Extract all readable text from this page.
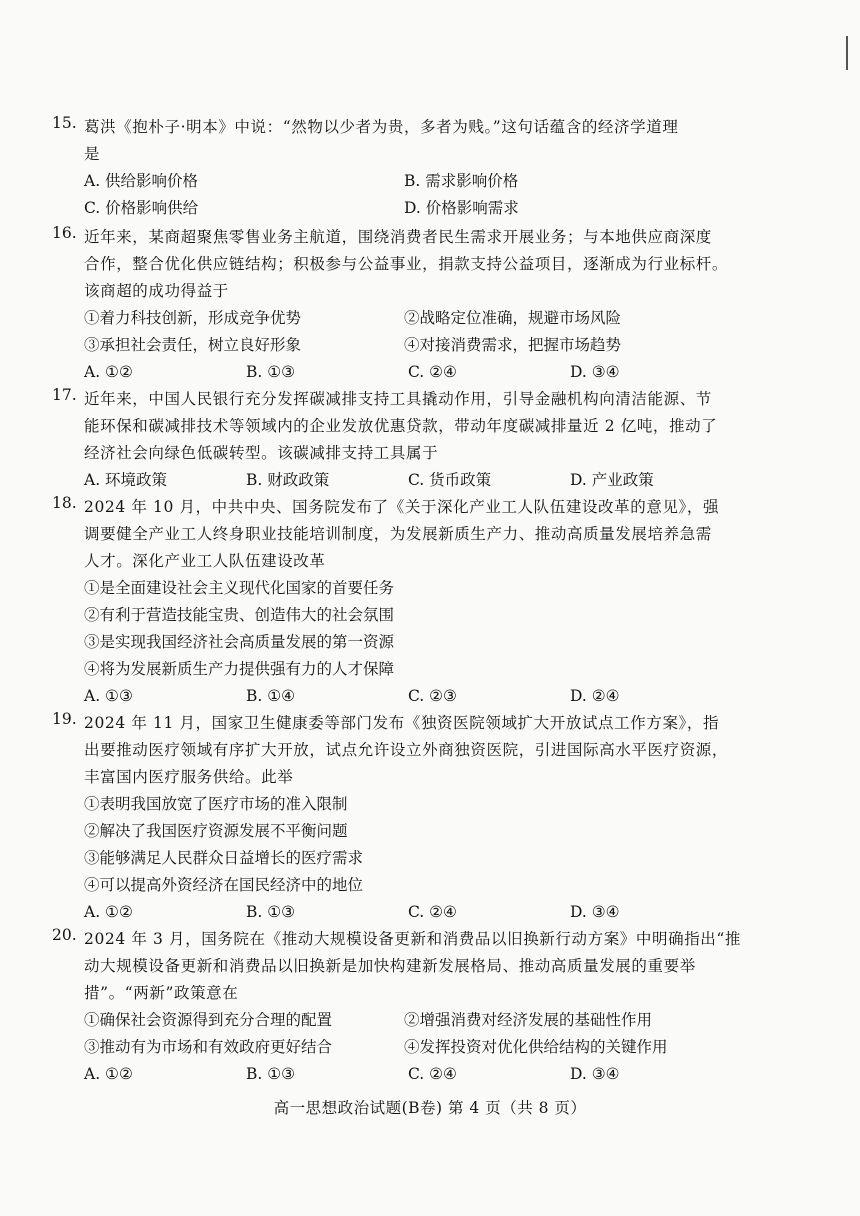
15. 葛洪《抱朴子·明本》中说：“然物以少者为贵，多者为贱。”这句话蕴含的经济学道理
是
A. 供给影响价格	B. 需求影响价格
C. 价格影响供给	D. 价格影响需求
16. 近年来，某商超聚焦零售业务主航道，围绕消费者民生需求开展业务；与本地供应商深度
合作，整合优化供应链结构；积极参与公益事业，捐款支持公益项目，逐渐成为行业标杆。
该商超的成功得益于
①着力科技创新，形成竞争优势	②战略定位准确，规避市场风险
③承担社会责任，树立良好形象	④对接消费需求，把握市场趋势
A. ①②	B. ①③	C. ②④	D. ③④
17. 近年来，中国人民银行充分发挥碳减排支持工具撬动作用，引导金融机构向清洁能源、节
能环保和碳减排技术等领域内的企业发放优惠贷款，带动年度碳减排量近 2 亿吨，推动了
经济社会向绿色低碳转型。该碳减排支持工具属于
A. 环境政策	B. 财政政策	C. 货币政策	D. 产业政策
18. 2024 年 10 月，中共中央、国务院发布了《关于深化产业工人队伍建设改革的意见》，强
调要健全产业工人终身职业技能培训制度，为发展新质生产力、推动高质量发展培养急需
人才。深化产业工人队伍建设改革
①是全面建设社会主义现代化国家的首要任务
②有利于营造技能宝贵、创造伟大的社会氛围
③是实现我国经济社会高质量发展的第一资源
④将为发展新质生产力提供强有力的人才保障
A. ①③	B. ①④	C. ②③	D. ②④
19. 2024 年 11 月，国家卫生健康委等部门发布《独资医院领域扩大开放试点工作方案》，指
出要推动医疗领域有序扩大开放，试点允许设立外商独资医院，引进国际高水平医疗资源，
丰富国内医疗服务供给。此举
①表明我国放宽了医疗市场的准入限制
②解决了我国医疗资源发展不平衡问题
③能够满足人民群众日益增长的医疗需求
④可以提高外资经济在国民经济中的地位
A. ①②	B. ①③	C. ②④	D. ③④
20. 2024 年 3 月，国务院在《推动大规模设备更新和消费品以旧换新行动方案》中明确指出“推
动大规模设备更新和消费品以旧换新是加快构建新发展格局、推动高质量发展的重要举
措”。“两新”政策意在
①确保社会资源得到充分合理的配置	②增强消费对经济发展的基础性作用
③推动有为市场和有效政府更好结合	④发挥投资对优化供给结构的关键作用
A. ①②	B. ①③	C. ②④	D. ③④
高一思想政治试题(B卷) 第 4 页（共 8 页）
